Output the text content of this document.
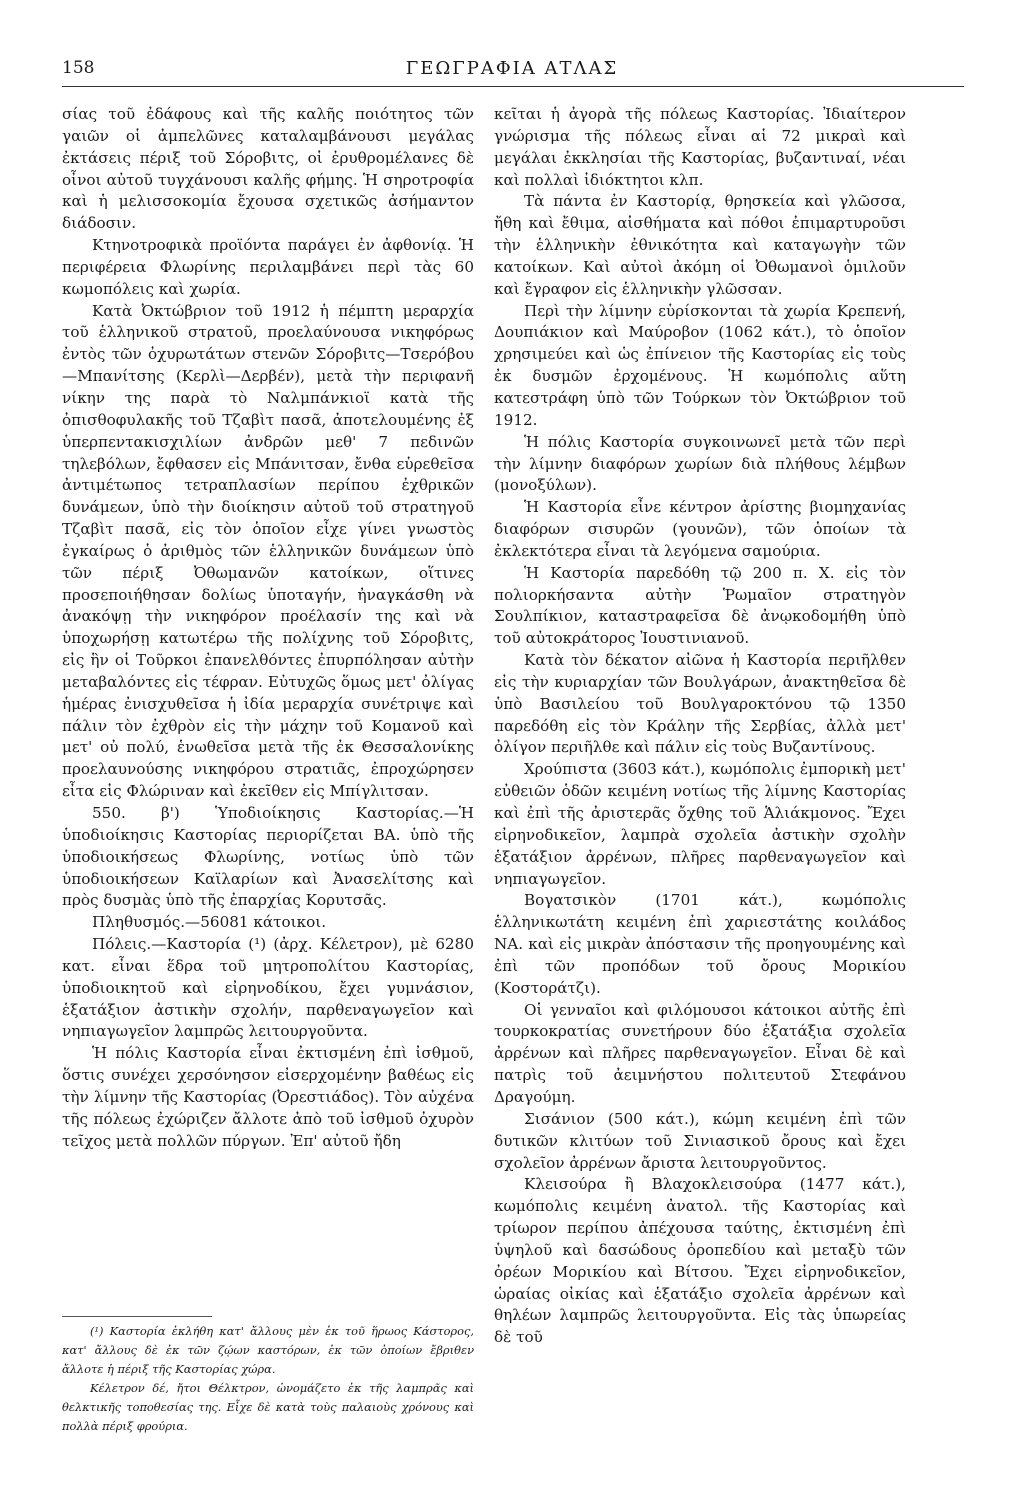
158	ΓΕΩΓΡΑΦΙΑ ΑΤΛΑΣ

σίας τοῦ ἐδάφους καὶ τῆς καλῆς ποιότητος τῶν γαιῶν οἱ ἀμπελῶνες καταλαμβάνουσι μεγάλας ἐκτάσεις πέριξ τοῦ Σόροβιτς, οἱ ἐρυθρομέλανες δὲ οἶνοι αὐτοῦ τυγχάνουσι καλῆς φήμης. Ἡ σηροτροφία καὶ ἡ μελισσοκομία ἔχουσα σχετικῶς ἀσήμαντον διάδοσιν.

Κτηνοτροφικὰ προϊόντα παράγει ἐν ἀφθονίᾳ. Ἡ περιφέρεια Φλωρίνης περιλαμβάνει περὶ τὰς 60 κωμοπόλεις καὶ χωρία.

Κατὰ Ὀκτώβριον τοῦ 1912 ἡ πέμπτη μεραρχία τοῦ ἑλληνικοῦ στρατοῦ, προελαύνουσα νικηφόρως ἐντὸς τῶν ὀχυρωτάτων στενῶν Σόροβιτς—Τσερόβου—Μπανίτσης (Κερλὶ—Δερβέν), μετὰ τὴν περιφανῆ νίκην της παρὰ τὸ Ναλμπάνκιοϊ κατὰ τῆς ὀπισθοφυλακῆς τοῦ Τζαβὶτ πασᾶ, ἀποτελουμένης ἐξ ὑπερπεντακισχιλίων ἀνδρῶν μεθ' 7 πεδινῶν τηλεβόλων, ἔφθασεν εἰς Μπάνιτσαν, ἔνθα εὑρεθεῖσα ἀντιμέτωπος τετραπλασίων περίπου ἐχθρικῶν δυνάμεων, ὑπὸ τὴν διοίκησιν αὐτοῦ τοῦ στρατηγοῦ Τζαβὶτ πασᾶ, εἰς τὸν ὁποῖον εἶχε γίνει γνωστὸς ἐγκαίρως ὁ ἀριθμὸς τῶν ἑλληνικῶν δυνάμεων ὑπὸ τῶν πέριξ Ὀθωμανῶν κατοίκων, οἵτινες προσεποιήθησαν δολίως ὑποταγήν, ἠναγκάσθη νὰ ἀνακόψῃ τὴν νικηφόρον προέλασίν της καὶ νὰ ὑποχωρήσῃ κατωτέρω τῆς πολίχνης τοῦ Σόροβιτς, εἰς ἣν οἱ Τοῦρκοι ἐπανελθόντες ἐπυρπόλησαν αὐτὴν μεταβαλόντες εἰς τέφραν. Εὐτυχῶς ὅμως μετ' ὀλίγας ἡμέρας ἐνισχυθεῖσα ἡ ἰδία μεραρχία συνέτριψε καὶ πάλιν τὸν ἐχθρὸν εἰς τὴν μάχην τοῦ Κομανοῦ καὶ μετ' οὐ πολύ, ἑνωθεῖσα μετὰ τῆς ἐκ Θεσσαλονίκης προελαυνούσης νικηφόρου στρατιᾶς, ἐπροχώρησεν εἶτα εἰς Φλώριναν καὶ ἐκεῖθεν εἰς Μπίγλιτσαν.

550. β') Ὑποδιοίκησις Καστορίας.—Ἡ ὑποδιοίκησις Καστορίας περιορίζεται ΒΑ. ὑπὸ τῆς ὑποδιοικήσεως Φλωρίνης, νοτίως ὑπὸ τῶν ὑποδιοικήσεων Καϊλαρίων καὶ Ἀνασελίτσης καὶ πρὸς δυσμὰς ὑπὸ τῆς ἐπαρχίας Κορυτσᾶς.

Πληθυσμός.—56081 κάτοικοι.

Πόλεις.—Καστορία (¹) (ἀρχ. Κέλετρον), μὲ 6280 κατ. εἶναι ἕδρα τοῦ μητροπολίτου Καστορίας, ὑποδιοικητοῦ καὶ εἰρηνοδίκου, ἔχει γυμνάσιον, ἑξατάξιον ἀστικὴν σχολήν, παρθεναγωγεῖον καὶ νηπιαγωγεῖον λαμπρῶς λειτουργοῦντα.

Ἡ πόλις Καστορία εἶναι ἐκτισμένη ἐπὶ ἰσθμοῦ, ὅστις συνέχει χερσόνησον εἰσερχομένην βαθέως εἰς τὴν λίμνην τῆς Καστορίας (Ὀρεστιάδος). Τὸν αὐχένα τῆς πόλεως ἐχώριζεν ἄλλοτε ἀπὸ τοῦ ἰσθμοῦ ὀχυρὸν τεῖχος μετὰ πολλῶν πύργων. Ἐπ' αὐτοῦ ἤδη

κεῖται ἡ ἀγορὰ τῆς πόλεως Καστορίας. Ἰδιαίτερον γνώρισμα τῆς πόλεως εἶναι αἱ 72 μικραὶ καὶ μεγάλαι ἐκκλησίαι τῆς Καστορίας, βυζαντιναί, νέαι καὶ πολλαὶ ἰδιόκτητοι κλπ.

Τὰ πάντα ἐν Καστορίᾳ, θρησκεία καὶ γλῶσσα, ἤθη καὶ ἔθιμα, αἰσθήματα καὶ πόθοι ἐπιμαρτυροῦσι τὴν ἑλληνικὴν ἐθνικότητα καὶ καταγωγὴν τῶν κατοίκων. Καὶ αὐτοὶ ἀκόμη οἱ Ὀθωμανοὶ ὁμιλοῦν καὶ ἔγραφον εἰς ἑλληνικὴν γλῶσσαν.

Περὶ τὴν λίμνην εὑρίσκονται τὰ χωρία Κρεπενή, Δουπιάκιον καὶ Μαύροβον (1062 κάτ.), τὸ ὁποῖον χρησιμεύει καὶ ὡς ἐπίνειον τῆς Καστορίας εἰς τοὺς ἐκ δυσμῶν ἐρχομένους. Ἡ κωμόπολις αὕτη κατεστράφη ὑπὸ τῶν Τούρκων τὸν Ὀκτώβριον τοῦ 1912.

Ἡ πόλις Καστορία συγκοινωνεῖ μετὰ τῶν περὶ τὴν λίμνην διαφόρων χωρίων διὰ πλήθους λέμβων (μονοξύλων).

Ἡ Καστορία εἶνε κέντρον ἀρίστης βιομηχανίας διαφόρων σισυρῶν (γουνῶν), τῶν ὁποίων τὰ ἐκλεκτότερα εἶναι τὰ λεγόμενα σαμούρια.

Ἡ Καστορία παρεδόθη τῷ 200 π. Χ. εἰς τὸν πολιορκήσαντα αὐτὴν Ῥωμαῖον στρατηγὸν Σουλπίκιον, καταστραφεῖσα δὲ ἀνῳκοδομήθη ὑπὸ τοῦ αὐτοκράτορος Ἰουστινιανοῦ.

Κατὰ τὸν δέκατον αἰῶνα ἡ Καστορία περιῆλθεν εἰς τὴν κυριαρχίαν τῶν Βουλγάρων, ἀνακτηθεῖσα δὲ ὑπὸ Βασιλείου τοῦ Βουλγαροκτόνου τῷ 1350 παρεδόθη εἰς τὸν Κράλην τῆς Σερβίας, ἀλλὰ μετ' ὀλίγον περιῆλθε καὶ πάλιν εἰς τοὺς Βυζαντίνους.

Χρούπιστα (3603 κάτ.), κωμόπολις ἐμπορικὴ μετ' εὐθειῶν ὁδῶν κειμένη νοτίως τῆς λίμνης Καστορίας καὶ ἐπὶ τῆς ἀριστερᾶς ὄχθης τοῦ Ἁλιάκμονος. Ἔχει εἰρηνοδικεῖον, λαμπρὰ σχολεῖα ἀστικὴν σχολὴν ἑξατάξιον ἀρρένων, πλῆρες παρθεναγωγεῖον καὶ νηπιαγωγεῖον.

Βογατσικὸν (1701 κάτ.), κωμόπολις ἑλληνικωτάτη κειμένη ἐπὶ χαριεστάτης κοιλάδος ΝΑ. καὶ εἰς μικρὰν ἀπόστασιν τῆς προηγουμένης καὶ ἐπὶ τῶν προπόδων τοῦ ὄρους Μορικίου (Κοστοράτζι).

Οἱ γενναῖοι καὶ φιλόμουσοι κάτοικοι αὐτῆς ἐπὶ τουρκοκρατίας συνετήρουν δύο ἑξατάξια σχολεῖα ἀρρένων καὶ πλῆρες παρθεναγωγεῖον. Εἶναι δὲ καὶ πατρὶς τοῦ ἀειμνήστου πολιτευτοῦ Στεφάνου Δραγούμη.

Σισάνιον (500 κάτ.), κώμη κειμένη ἐπὶ τῶν δυτικῶν κλιτύων τοῦ Σινιασικοῦ ὄρους καὶ ἔχει σχολεῖον ἀρρένων ἄριστα λειτουργοῦντος.

Κλεισούρα ἢ Βλαχοκλεισούρα (1477 κάτ.), κωμόπολις κειμένη ἀνατολ. τῆς Καστορίας καὶ τρίωρον περίπου ἀπέχουσα ταύτης, ἐκτισμένη ἐπὶ ὑψηλοῦ καὶ δασώδους ὀροπεδίου καὶ μεταξὺ τῶν ὀρέων Μορικίου καὶ Βίτσου. Ἔχει εἰρηνοδικεῖον, ὡραίας οἰκίας καὶ ἑξατάξιο σχολεῖα ἀρρένων καὶ θηλέων λαμπρῶς λειτουργοῦντα. Εἰς τὰς ὑπωρείας δὲ τοῦ

(¹) Καστορία ἐκλήθη κατ' ἄλλους μὲν ἐκ τοῦ ἥρωος Κάστορος, κατ' ἄλλους δὲ ἐκ τῶν ζῴων καστόρων, ἐκ τῶν ὁποίων ἔβριθεν ἄλλοτε ἡ πέριξ τῆς Καστορίας χώρα.

Κέλετρον δέ, ἤτοι Θέλκτρον, ὠνομάζετο ἐκ τῆς λαμπρᾶς καὶ θελκτικῆς τοποθεσίας της. Εἶχε δὲ κατὰ τοὺς παλαιοὺς χρόνους καὶ πολλὰ πέριξ φρούρια.
